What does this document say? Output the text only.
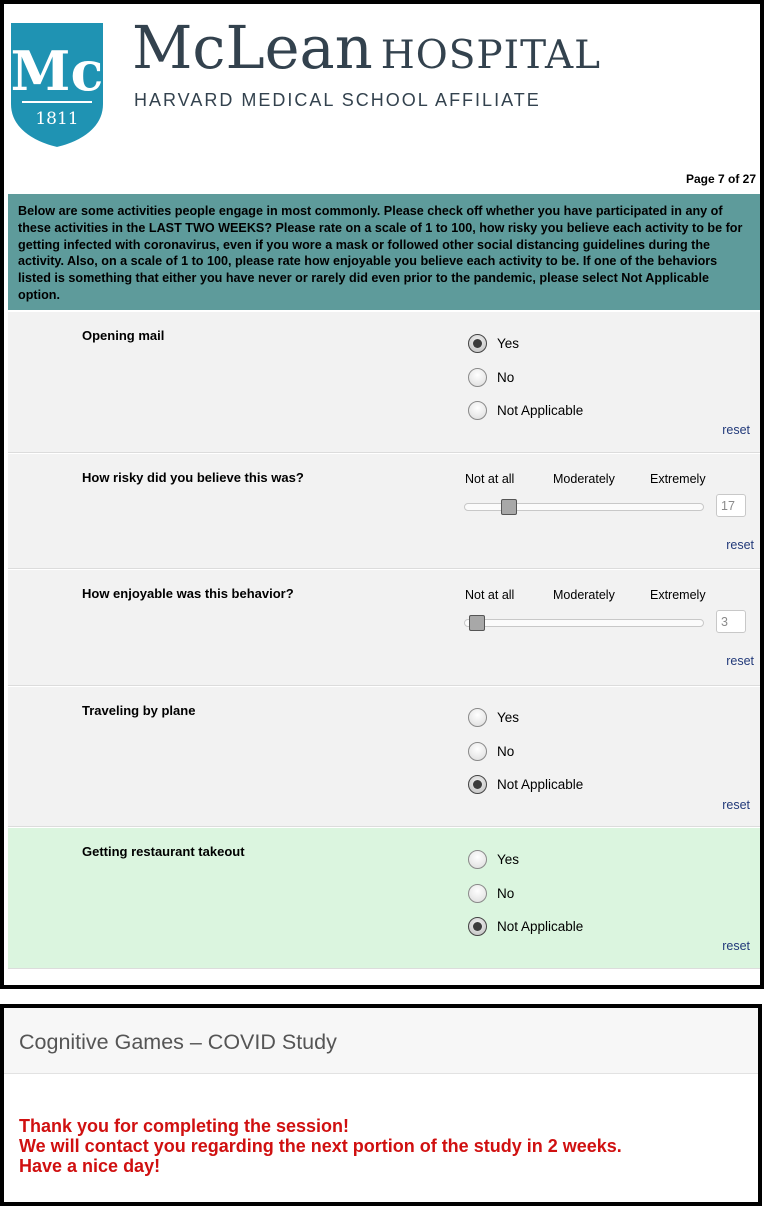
Mc
1811
McLean HOSPITAL
HARVARD MEDICAL SCHOOL AFFILIATE
Page 7 of 27
Below are some activities people engage in most commonly. Please check off whether you have participated in any of these activities in the LAST TWO WEEKS? Please rate on a scale of 1 to 100, how risky you believe each activity to be for getting infected with coronavirus, even if you wore a mask or followed other social distancing guidelines during the activity. Also, on a scale of 1 to 100, please rate how enjoyable you believe each activity to be. If one of the behaviors listed is something that either you have never or rarely did even prior to the pandemic, please select Not Applicable option.
Opening mail
Yes
No
Not Applicable
reset
How risky did you believe this was?	Not at all	Moderately	Extremely
17
reset
How enjoyable was this behavior?	Not at all	Moderately	Extremely
3
reset
Traveling by plane	Yes
No
Not Applicable
reset
Getting restaurant takeout
Yes
No
Not Applicable
reset
Cognitive Games – COVID Study
Thank you for completing the session!
We will contact you regarding the next portion of the study in 2 weeks.
Have a nice day!
